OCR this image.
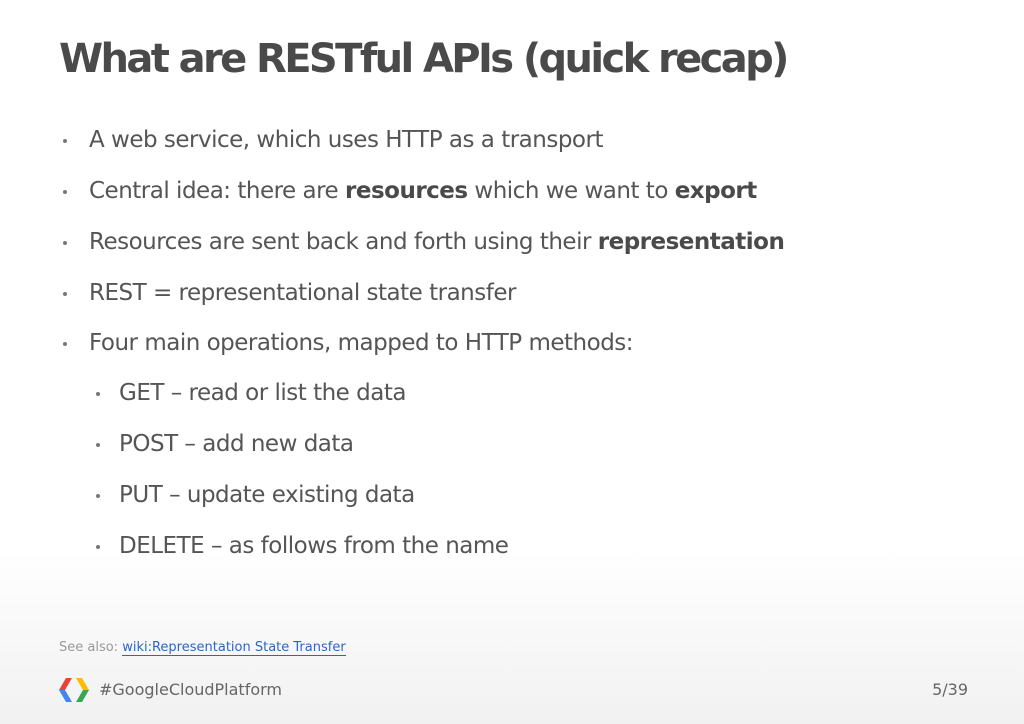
What are RESTful APIs (quick recap)
A web service, which uses HTTP as a transport
Central idea: there are resources which we want to export
Resources are sent back and forth using their representation
REST = representational state transfer
Four main operations, mapped to HTTP methods:
GET – read or list the data
POST – add new data
PUT – update existing data
DELETE – as follows from the name
See also: wiki:Representation State Transfer
#GoogleCloudPlatform	5/39
